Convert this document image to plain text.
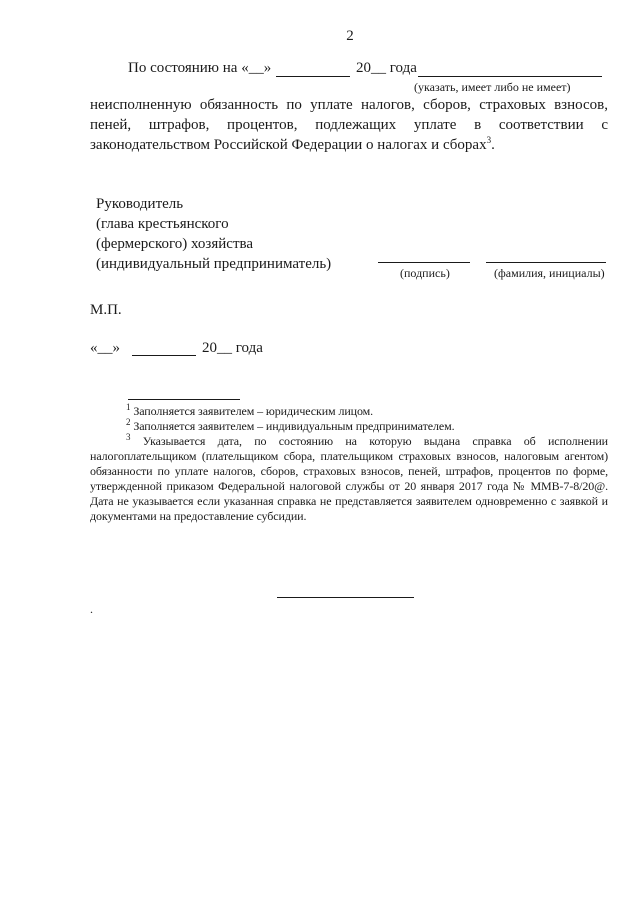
2
По состоянию на «__»	20__ года
(указать, имеет либо не имеет)

неисполненную обязанность по уплате налогов, сборов, страховых взносов, пеней, штрафов, процентов, подлежащих уплате в соответствии с законодательством Российской Федерации о налогах и сборах$^3$.

Руководитель
(глава крестьянского
(фермерского) хозяйства
(индивидуальный предприниматель)
(подпись)	(фамилия, инициалы)
М.П.
«__»	20__ года

$^1$ Заполняется заявителем – юридическим лицом.

$^2$ Заполняется заявителем – индивидуальным предпринимателем.

$^3$ Указывается дата, по состоянию на которую выдана справка об исполнении налогоплательщиком (плательщиком сбора, плательщиком страховых взносов, налоговым агентом) обязанности по уплате налогов, сборов, страховых взносов, пеней, штрафов, процентов по форме, утвержденной приказом Федеральной налоговой службы от 20 января 2017 года № ММВ-7-8/20@. Дата не указывается если указанная справка не представляется заявителем одновременно с заявкой и документами на предоставление субсидии.

.
